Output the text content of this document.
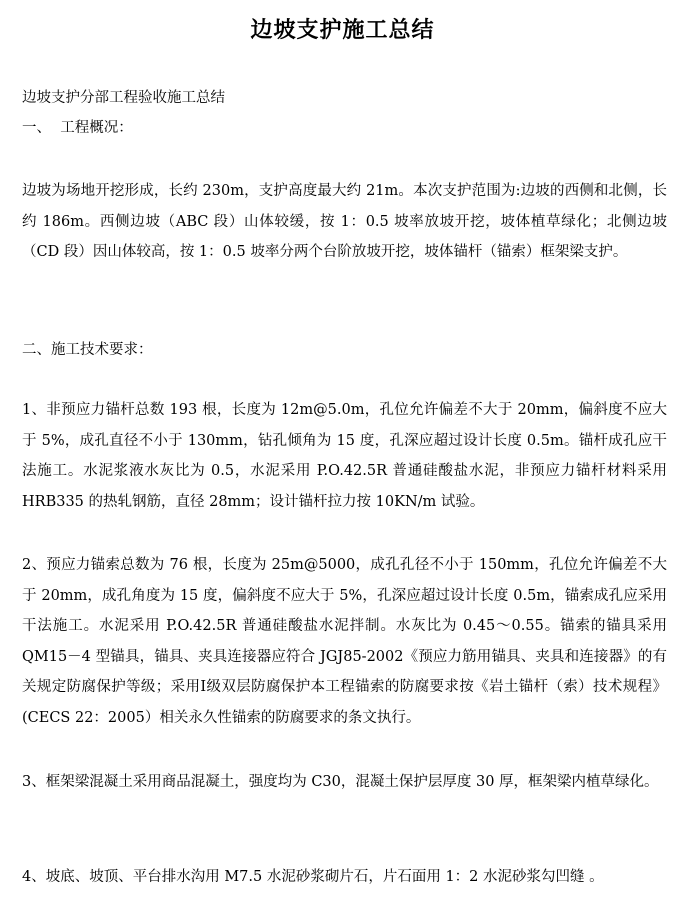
边坡支护施工总结
边坡支护分部工程验收施工总结
一、  工程概况：
边坡为场地开挖形成，长约 230m，支护高度最大约 21m。本次支护范围为:边坡的西侧和北侧，长约 186m。西侧边坡（ABC 段）山体较缓，按 1：0.5 坡率放坡开挖，坡体植草绿化；北侧边坡（CD 段）因山体较高，按 1：0.5 坡率分两个台阶放坡开挖，坡体锚杆（锚索）框架梁支护。
二、施工技术要求：
1、非预应力锚杆总数 193 根，长度为 12m@5.0m，孔位允许偏差不大于 20mm，偏斜度不应大于 5%，成孔直径不小于 130mm，钻孔倾角为 15 度，孔深应超过设计长度 0.5m。锚杆成孔应干法施工。水泥浆液水灰比为 0.5，水泥采用 P.O.42.5R 普通硅酸盐水泥，非预应力锚杆材料采用 HRB335 的热轧钢筋，直径 28mm；设计锚杆拉力按 10KN/m 试验。
2、预应力锚索总数为 76 根，长度为 25m@5000，成孔孔径不小于 150mm，孔位允许偏差不大于 20mm，成孔角度为 15 度，偏斜度不应大于 5%，孔深应超过设计长度 0.5m，锚索成孔应采用干法施工。水泥采用 P.O.42.5R 普通硅酸盐水泥拌制。水灰比为 0.45～0.55。锚索的锚具采用 QM15－4 型锚具，锚具、夹具连接器应符合 JGJ85-2002《预应力筋用锚具、夹具和连接器》的有关规定防腐保护等级；采用Ⅰ级双层防腐保护本工程锚索的防腐要求按《岩土锚杆（索）技术规程》(CECS 22：2005）相关永久性锚索的防腐要求的条文执行。
3、框架梁混凝土采用商品混凝土，强度均为 C30，混凝土保护层厚度 30 厚，框架梁内植草绿化。
4、坡底、坡顶、平台排水沟用 M7.5 水泥砂浆砌片石，片石面用 1：2 水泥砂浆勾凹缝 。
